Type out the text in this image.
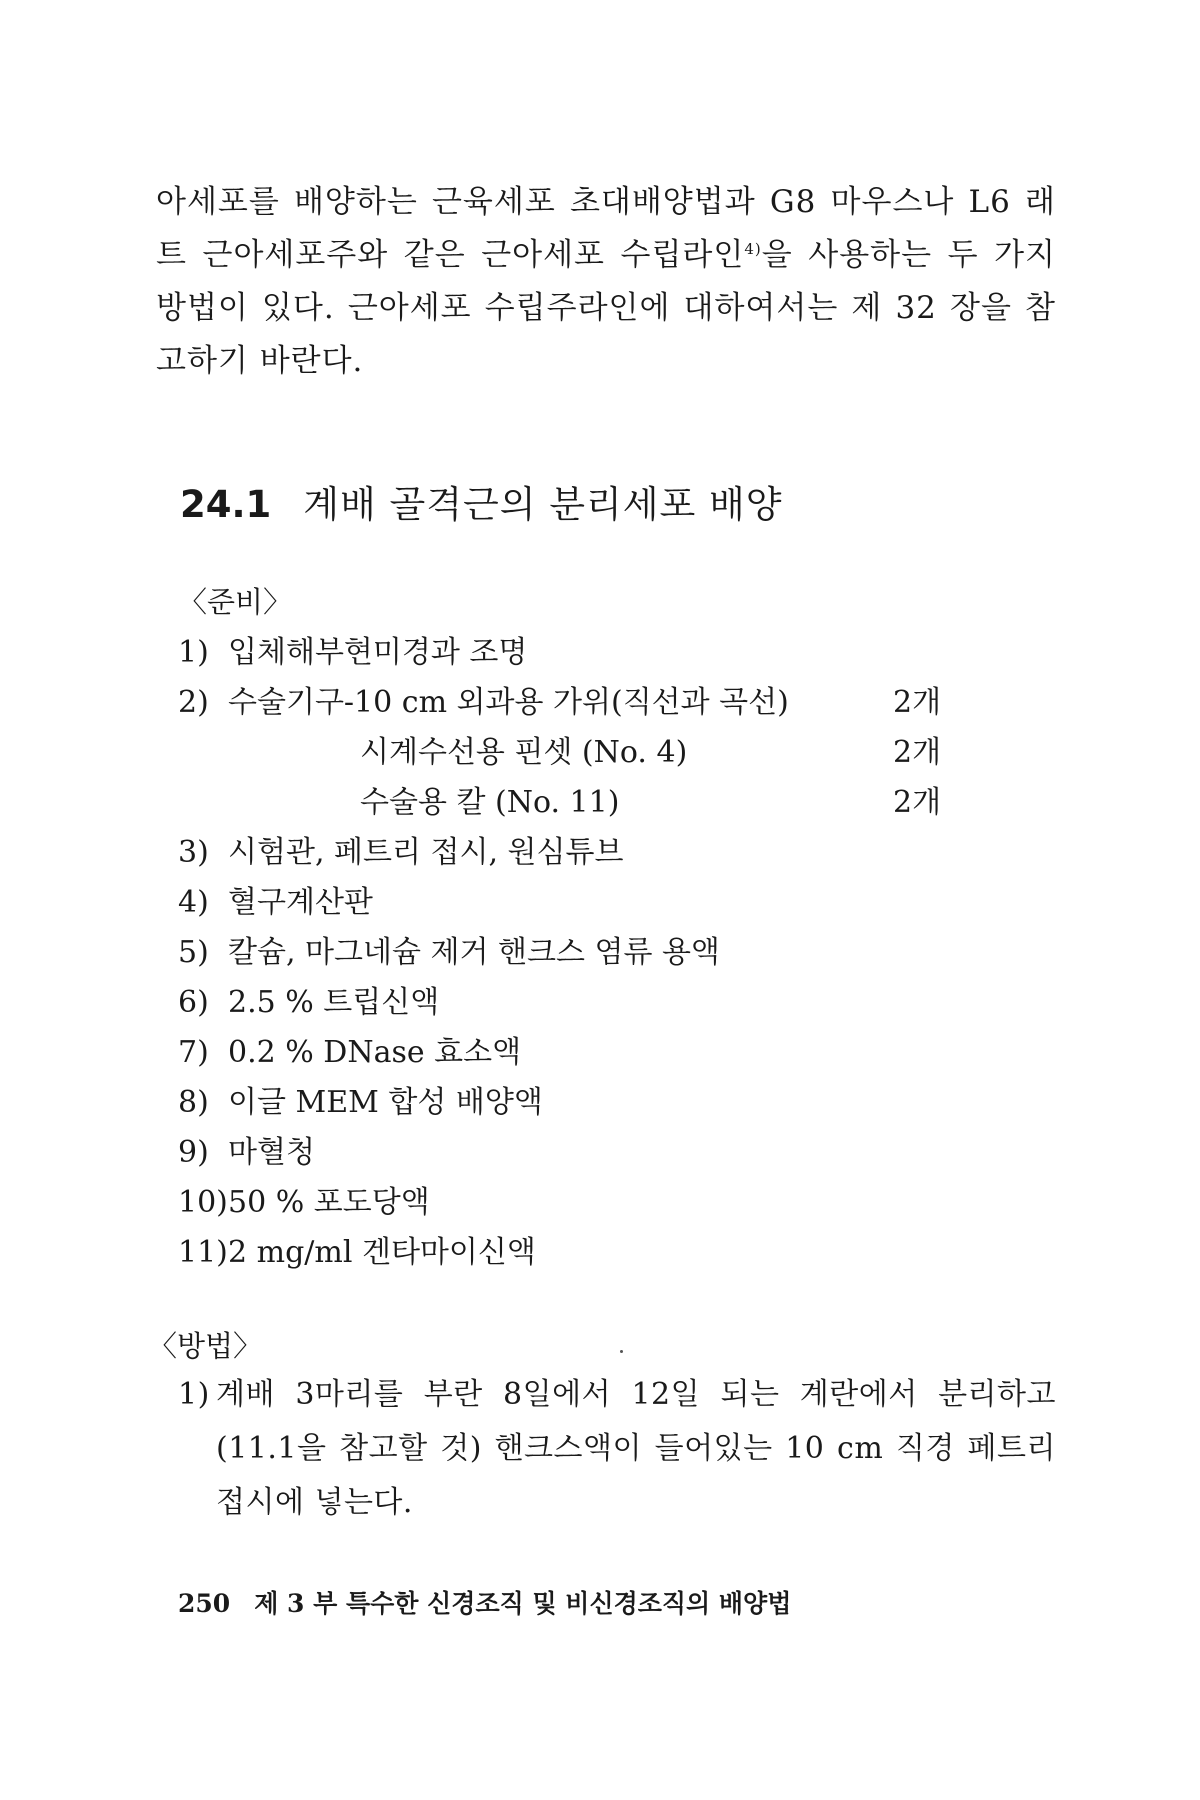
아세포를 배양하는 근육세포 초대배양법과 G8 마우스나 L6 래트 근아세포주와 같은 근아세포 수립라인$^{4)}$을 사용하는 두 가지 방법이 있다. 근아세포 수립주라인에 대하여서는 제 32 장을 참고하기 바란다.

24.1 계배 골격근의 분리세포 배양
〈준비〉
1) 입체해부현미경과 조명
2) 수술기구-10 cm 외과용 가위(직선과 곡선)	2개
시계수선용 핀셋 (No. 4)	2개
수술용 칼 (No. 11)	2개
3) 시험관, 페트리 접시, 원심튜브
4) 혈구계산판
5) 칼슘, 마그네슘 제거 핸크스 염류 용액
6) 2.5 % 트립신액
7) 0.2 % DNase 효소액
8) 이글 MEM 합성 배양액
9) 마혈청
10)50 % 포도당액
11)2 mg/ml 겐타마이신액
〈방법〉
1) 계배 3마리를 부란 8일에서 12일 되는 계란에서 분리하고 (11.1을 참고할 것) 핸크스액이 들어있는 10 cm 직경 페트리 접시에 넣는다.
250 제 3 부 특수한 신경조직 및 비신경조직의 배양법
